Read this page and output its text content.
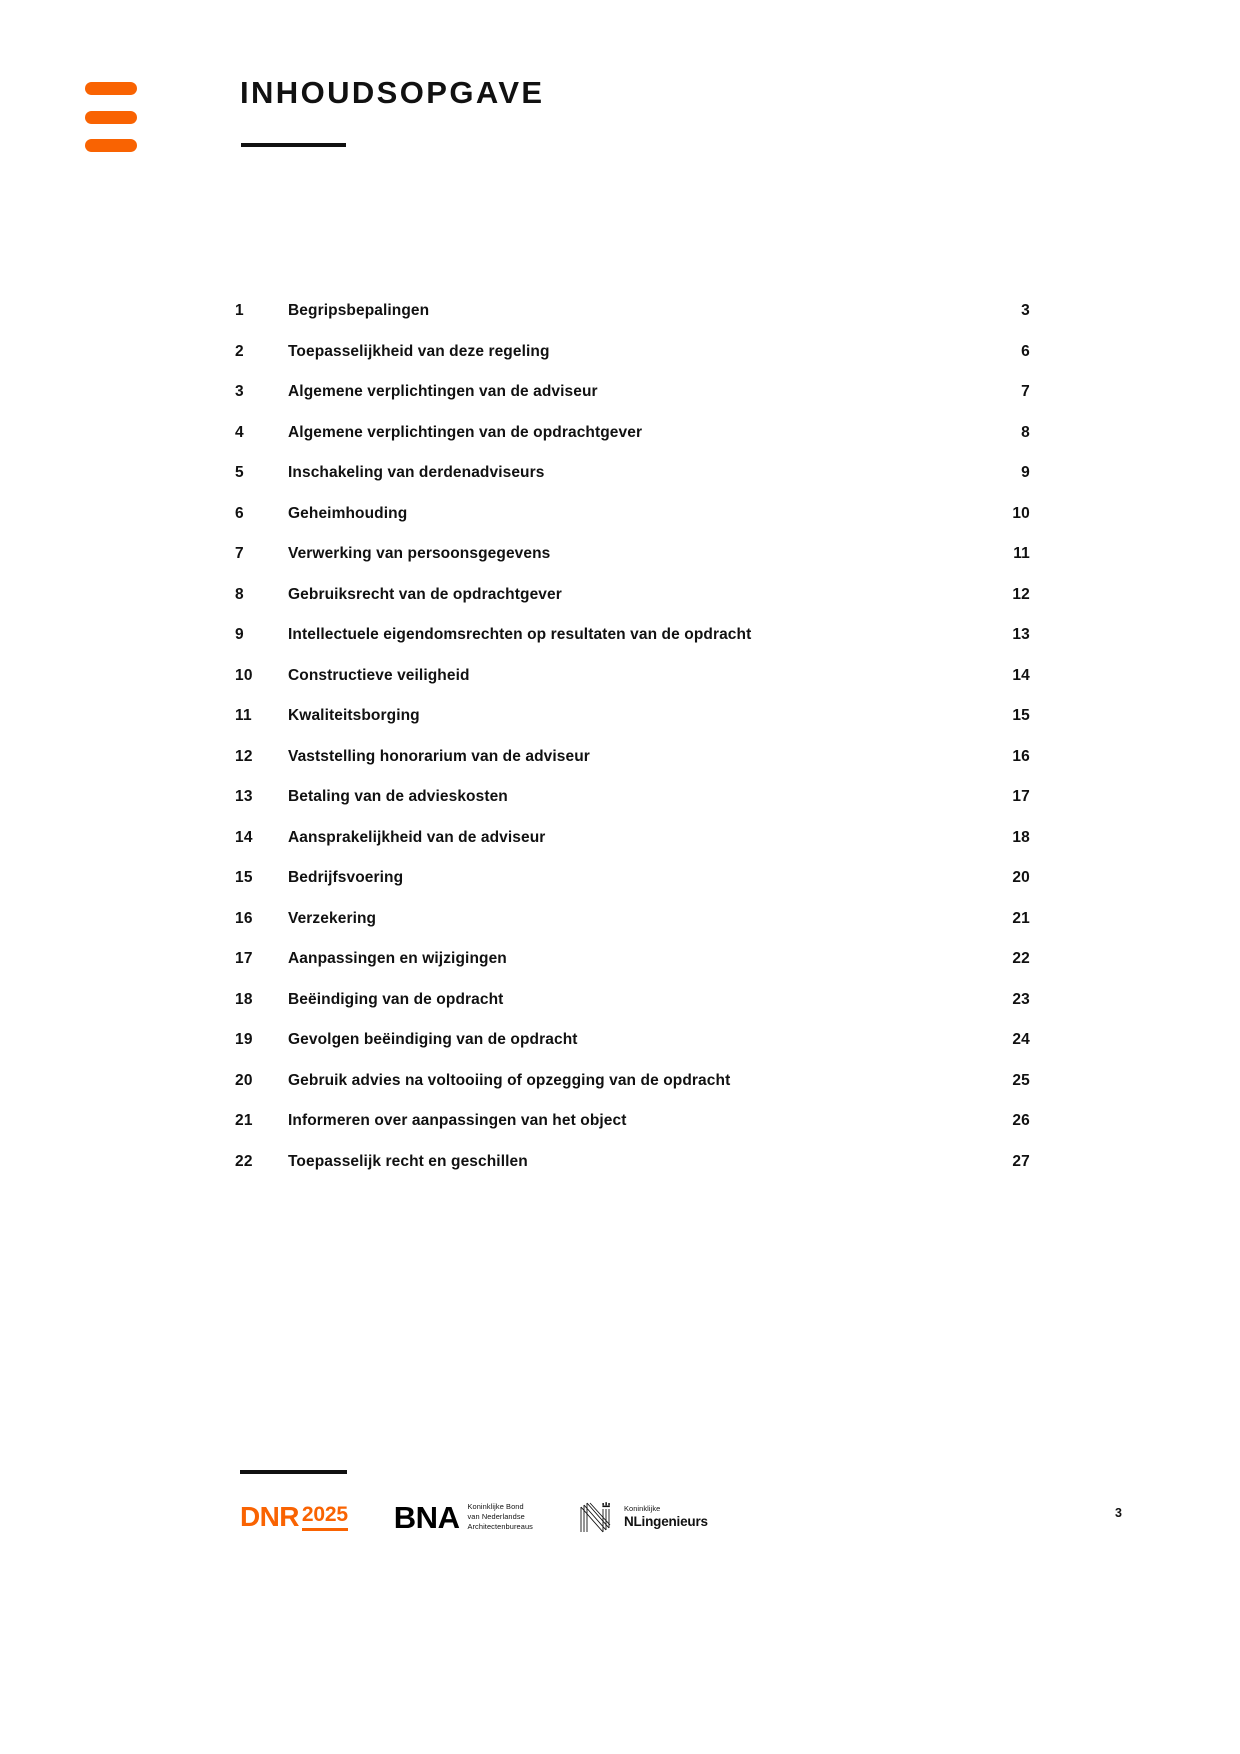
INHOUDSOPGAVE
1	Begripsbepalingen	3
2	Toepasselijkheid van deze regeling	6
3	Algemene verplichtingen van de adviseur	7
4	Algemene verplichtingen van de opdrachtgever	8
5	Inschakeling van derdenadviseurs	9
6	Geheimhouding	10
7	Verwerking van persoonsgegevens	11
8	Gebruiksrecht van de opdrachtgever	12
9	Intellectuele eigendomsrechten op resultaten van de opdracht	13
10	Constructieve veiligheid	14
11	Kwaliteitsborging	15
12	Vaststelling honorarium van de adviseur	16
13	Betaling van de advieskosten	17
14	Aansprakelijkheid van de adviseur	18
15	Bedrijfsvoering	20
16	Verzekering	21
17	Aanpassingen en wijzigingen	22
18	Beëindiging van de opdracht	23
19	Gevolgen beëindiging van de opdracht	24
20	Gebruik advies na voltooiing of opzegging van de opdracht	25
21	Informeren over aanpassingen van het object	26
22	Toepasselijk recht en geschillen	27
DNR 2025 BNA Koninklijke Bond
van Nederlandse
Architectenbureaus
Koninklijke
NLingenieurs
3
